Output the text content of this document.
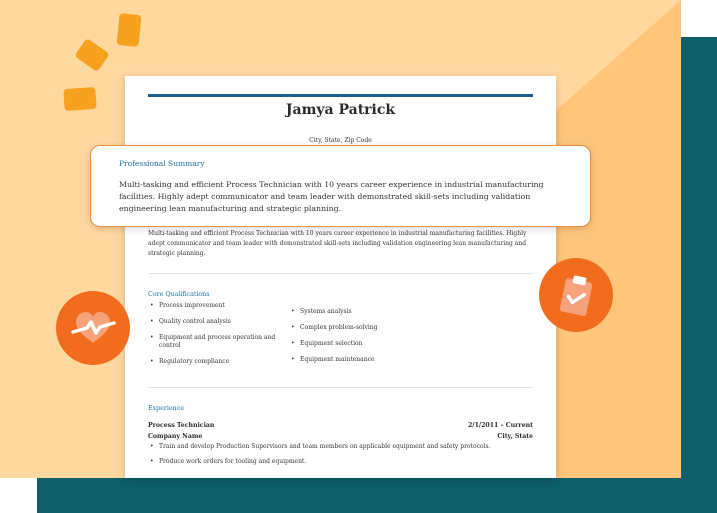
Jamya Patrick
City, State, Zip Code
Multi-tasking and efficient Process Technician with 10 years career experience in industrial manufacturing facilities. Highly adept communicator and team leader with demonstrated skill-sets including validation engineering lean manufacturing and strategic planning.
Core Qualifications
• Process improvement
• Quality control analysis
• Equipment and process operation and control
• Regulatory compliance
• Systems analysis
• Complex problem-solving
• Equipment selection
• Equipment maintenance
Experience
Process Technician	2/1/2011 – Current
Company Name	City, State
• Train and develop Production Supervisors and team members on applicable equipment and safety protocols.
• Produce work orders for tooling and equipment.
Professional Summary
Multi-tasking and efficient Process Technician with 10 years career experience in industrial manufacturing facilities. Highly adept communicator and team leader with demonstrated skill-sets including validation engineering lean manufacturing and strategic planning.
